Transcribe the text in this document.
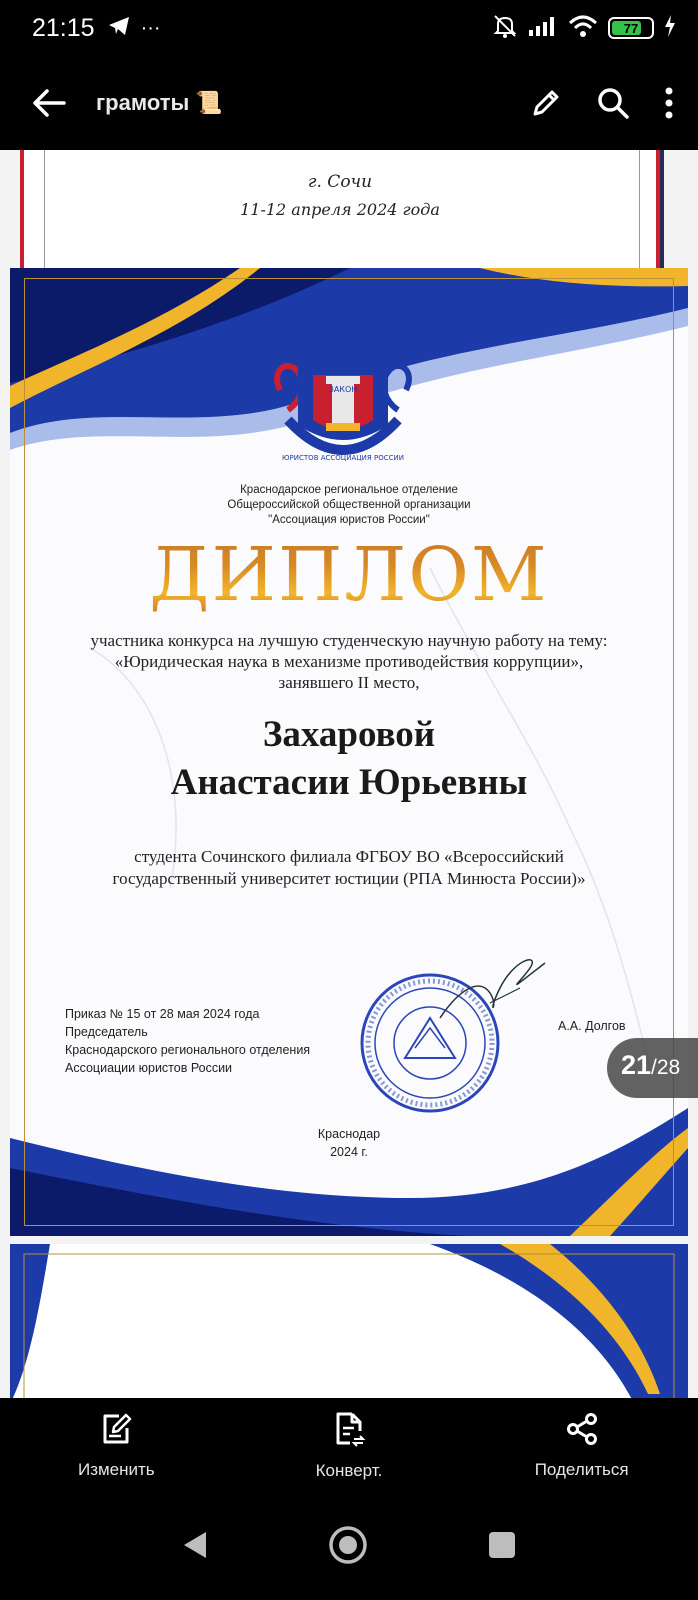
21:15 ···	77
грамоты 📜
г. Сочи
11-12 апреля 2024 года
ЗАКОН
ЮРИСТОВ АССОЦИАЦИЯ РОССИИ
Краснодарское региональное отделение
Общероссийской общественной организации
"Ассоциация юристов России"
ДИПЛОМ
участника конкурса на лучшую студенческую научную работу на тему:
«Юридическая наука в механизме противодействия коррупции»,
занявшего II место,
Захаровой
Анастасии Юрьевны
студента Сочинского филиала ФГБОУ ВО «Всероссийский
государственный университет юстиции (РПА Минюста России)»
Приказ № 15 от 28 мая 2024 года
Председатель
Краснодарского регионального отделения
Ассоциации юристов России
А.А. Долгов
Краснодар
2024 г.
21 /28
Изменить	Конверт.	Поделиться
